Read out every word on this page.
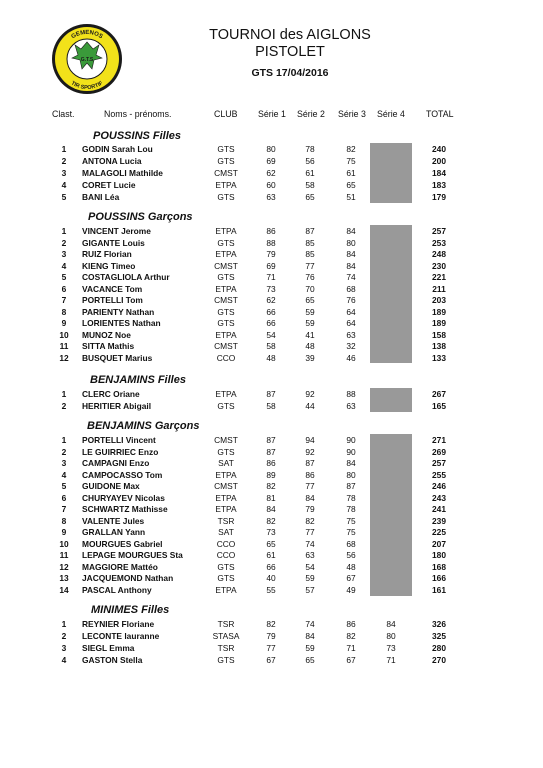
GEMENOS
TIR SPORTIF
G.T.S
TOURNOI des AIGLONS
PISTOLET
GTS 17/04/2016
Clast.	Noms - prénoms.	CLUB Série 1 Série 2 Série 3 Série 4 TOTAL
POUSSINS Filles
1	GODIN Sarah Lou	GTS	80	78	82	240
2	ANTONA Lucia	GTS	69	56	75	200
3	MALAGOLI Mathilde	CMST	62	61	61	184
4	CORET Lucie	ETPA	60	58	65	183
5	BANI Léa	GTS	63	65	51	179
POUSSINS Garçons
1	VINCENT Jerome	ETPA	86	87	84	257
2	GIGANTE Louis	GTS	88	85	80	253
3	RUIZ Florian	ETPA	79	85	84	248
4	KIENG Timeo	CMST	69	77	84	230
5	COSTAGLIOLA Arthur	GTS	71	76	74	221
6	VACANCE Tom	ETPA	73	70	68	211
7	PORTELLI Tom	CMST	62	65	76	203
8	PARIENTY Nathan	GTS	66	59	64	189
9	LORIENTES Nathan	GTS	66	59	64	189
10	MUNOZ Noe	ETPA	54	41	63	158
11	SITTA Mathis	CMST	58	48	32	138
12	BUSQUET Marius	CCO	48	39	46	133
BENJAMINS Filles
1	CLERC Oriane	ETPA	87	92	88	267
2	HERITIER Abigail	GTS	58	44	63	165
BENJAMINS Garçons
1	PORTELLI Vincent	CMST	87	94	90	271
2	LE GUIRRIEC Enzo	GTS	87	92	90	269
3	CAMPAGNI Enzo	SAT	86	87	84	257
4	CAMPOCASSO Tom	ETPA	89	86	80	255
5	GUIDONE Max	CMST	82	77	87	246
6	CHURYAYEV Nicolas	ETPA	81	84	78	243
7	SCHWARTZ Mathisse	ETPA	84	79	78	241
8	VALENTE Jules	TSR	82	82	75	239
9	GRALLAN Yann	SAT	73	77	75	225
10	MOURGUES Gabriel	CCO	65	74	68	207
11	LEPAGE MOURGUES Sta	CCO	61	63	56	180
12	MAGGIORE Mattéo	GTS	66	54	48	168
13	JACQUEMOND Nathan	GTS	40	59	67	166
14	PASCAL Anthony	ETPA	55	57	49	161
MINIMES Filles
1	REYNIER Floriane	TSR	82	74	86	84	326
2	LECONTE lauranne	STASA	79	84	82	80	325
3	SIEGL Emma	TSR	77	59	71	73	280
4	GASTON Stella	GTS	67	65	67	71	270
